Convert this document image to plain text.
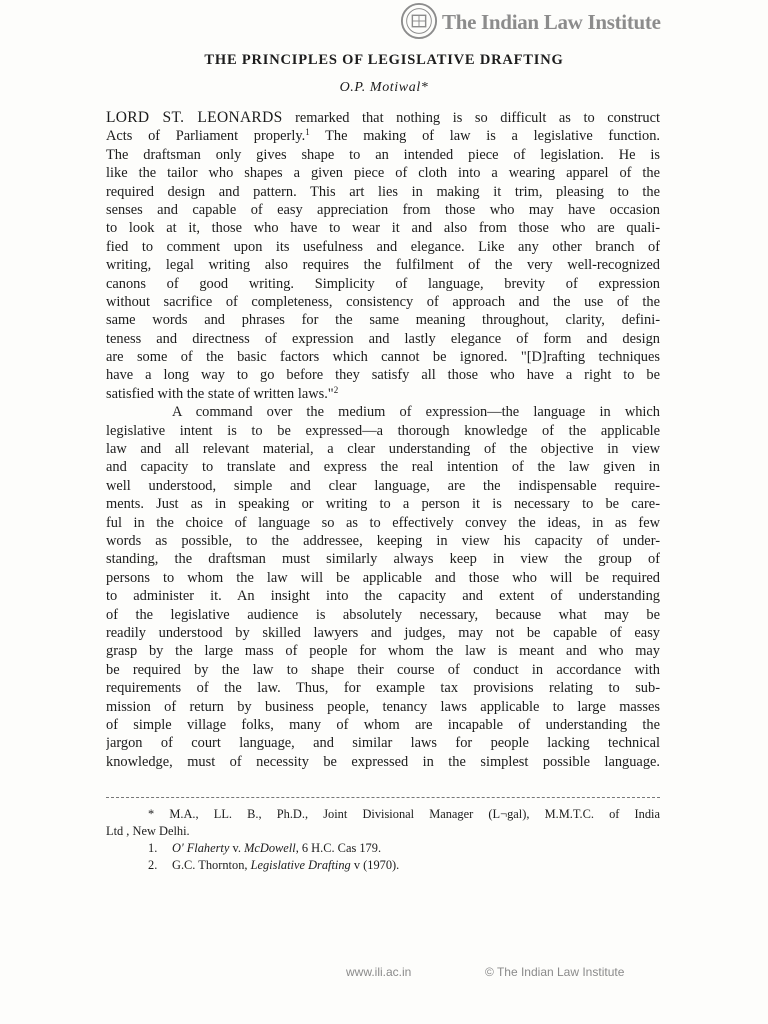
The Indian Law Institute
THE PRINCIPLES OF LEGISLATIVE DRAFTING
O.P. Motiwal*
LORD ST. LEONARDS remarked that nothing is so difficult as to construct
Acts of Parliament properly.$^1$ The making of law is a legislative function.
The draftsman only gives shape to an intended piece of legislation. He is
like the tailor who shapes a given piece of cloth into a wearing apparel of the
required design and pattern. This art lies in making it trim, pleasing to the
senses and capable of easy appreciation from those who may have occasion
to look at it, those who have to wear it and also from those who are quali-
fied to comment upon its usefulness and elegance. Like any other branch of
writing, legal writing also requires the fulfilment of the very well-recognized
canons of good writing. Simplicity of language, brevity of expression
without sacrifice of completeness, consistency of approach and the use of the
same words and phrases for the same meaning throughout, clarity, defini-
teness and directness of expression and lastly elegance of form and design
are some of the basic factors which cannot be ignored. "[D]rafting techniques
have a long way to go before they satisfy all those who have a right to be
satisfied with the state of written laws."$^2$
A command over the medium of expression—the language in which
legislative intent is to be expressed—a thorough knowledge of the applicable
law and all relevant material, a clear understanding of the objective in view
and capacity to translate and express the real intention of the law given in
well understood, simple and clear language, are the indispensable require-
ments. Just as in speaking or writing to a person it is necessary to be care-
ful in the choice of language so as to effectively convey the ideas, in as few
words as possible, to the addressee, keeping in view his capacity of under-
standing, the draftsman must similarly always keep in view the group of
persons to whom the law will be applicable and those who will be required
to administer it. An insight into the capacity and extent of understanding
of the legislative audience is absolutely necessary, because what may be
readily understood by skilled lawyers and judges, may not be capable of easy
grasp by the large mass of people for whom the law is meant and who may
be required by the law to shape their course of conduct in accordance with
requirements of the law. Thus, for example tax provisions relating to sub-
mission of return by business people, tenancy laws applicable to large masses
of simple village folks, many of whom are incapable of understanding the
jargon of court language, and similar laws for people lacking technical
knowledge, must of necessity be expressed in the simplest possible language.
* M.A., LL. B., Ph.D., Joint Divisional Manager (L¬gal), M.M.T.C. of India
Ltd , New Delhi.
1. O' Flaherty v. McDowell, 6 H.C. Cas 179.
2. G.C. Thornton, Legislative Drafting v (1970).
www.ili.ac.in	© The Indian Law Institute
